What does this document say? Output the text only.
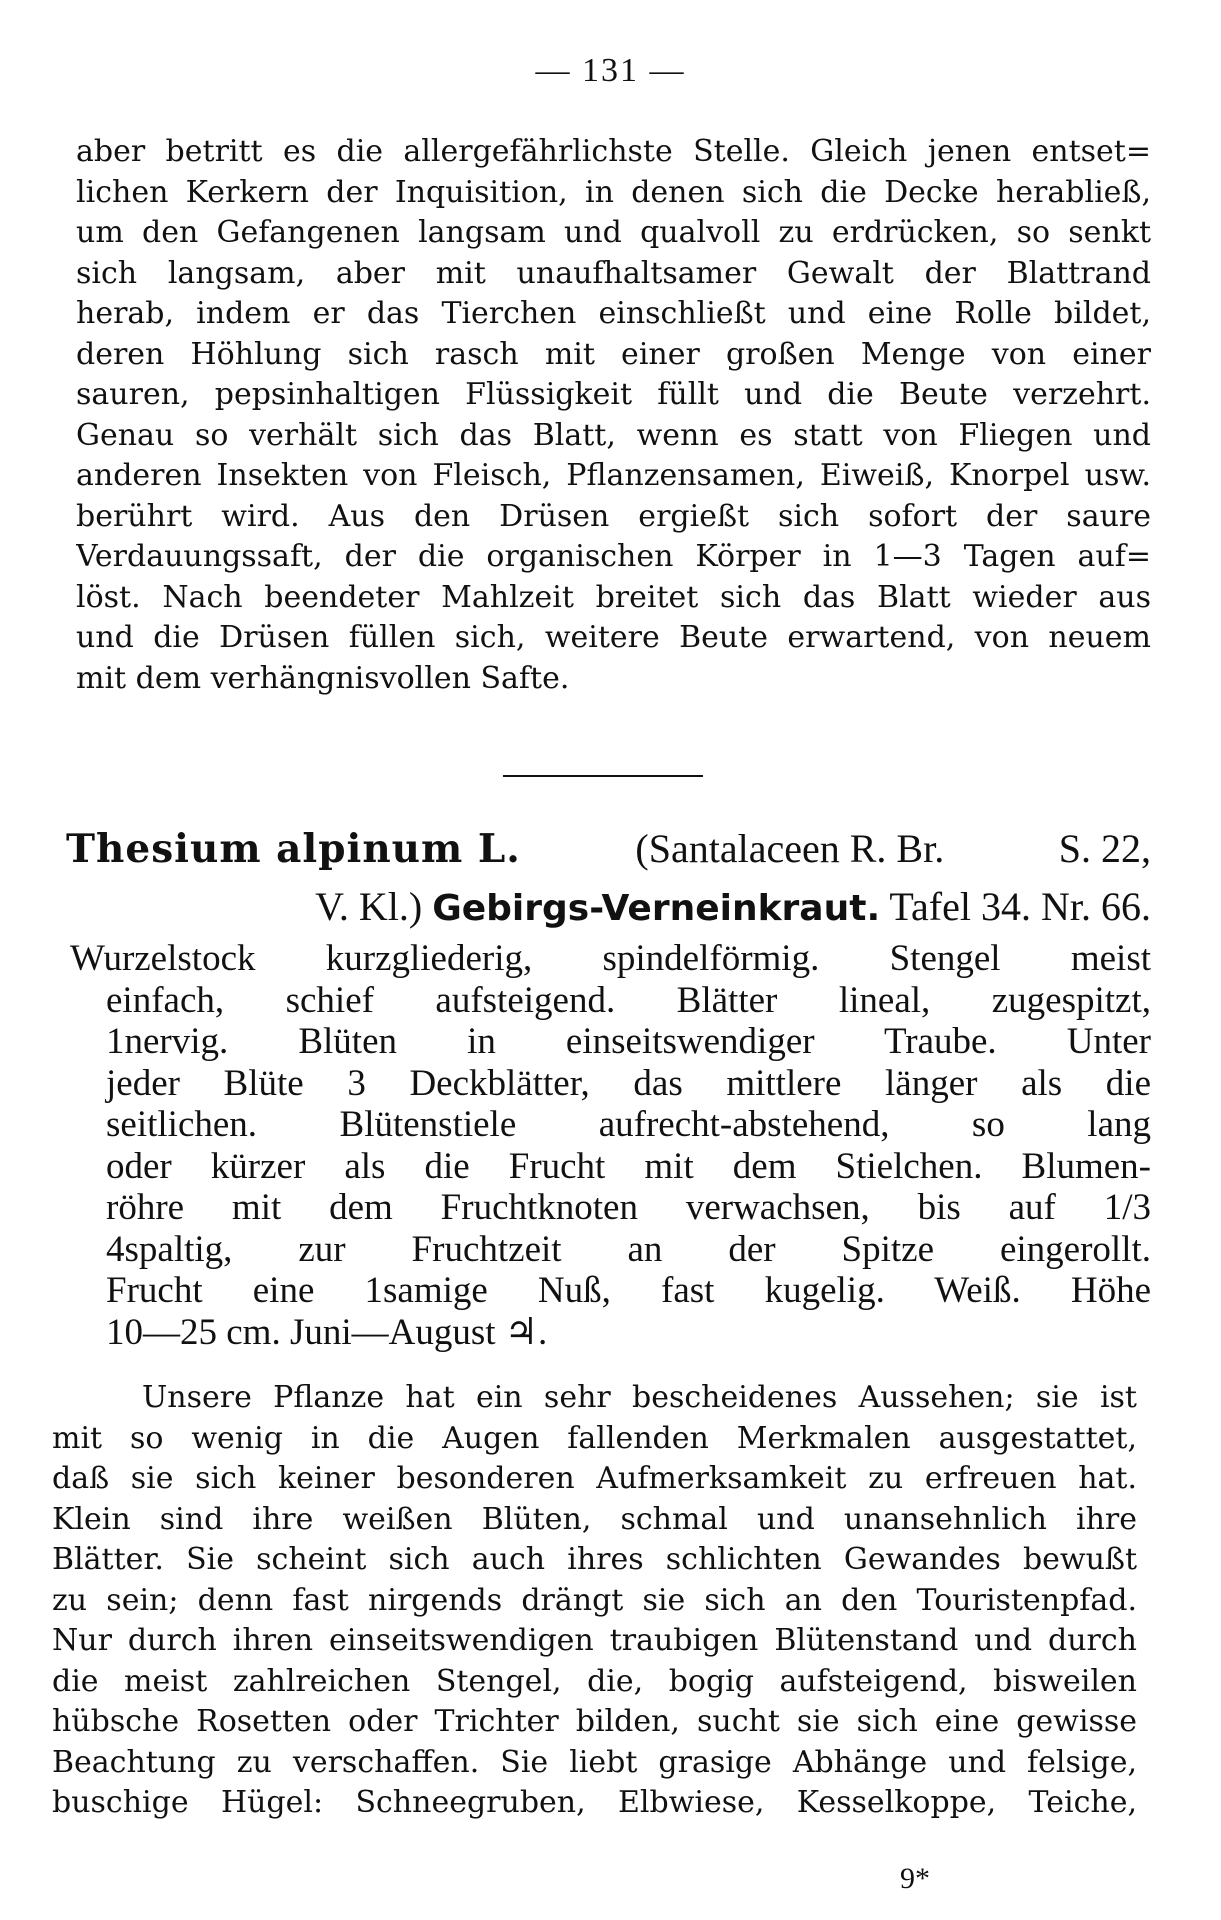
— 131 —
aber betritt es die allergefährlichste Stelle. Gleich jenen entset=
lichen Kerkern der Inquisition, in denen sich die Decke herabließ,
um den Gefangenen langsam und qualvoll zu erdrücken, so senkt
sich langsam, aber mit unaufhaltsamer Gewalt der Blattrand
herab, indem er das Tierchen einschließt und eine Rolle bildet,
deren Höhlung sich rasch mit einer großen Menge von einer
sauren, pepsinhaltigen Flüssigkeit füllt und die Beute verzehrt.
Genau so verhält sich das Blatt, wenn es statt von Fliegen und
anderen Insekten von Fleisch, Pflanzensamen, Eiweiß, Knorpel usw.
berührt wird. Aus den Drüsen ergießt sich sofort der saure
Verdauungssaft, der die organischen Körper in 1—3 Tagen auf=
löst. Nach beendeter Mahlzeit breitet sich das Blatt wieder aus
und die Drüsen füllen sich, weitere Beute erwartend, von neuem
mit dem verhängnisvollen Safte.
Thesium alpinum L.	(Santalaceen R. Br.	S. 22,
V. Kl.) Gebirgs-Verneinkraut. Tafel 34. Nr. 66.
Wurzelstock kurzgliederig, spindelförmig. Stengel meist
einfach, schief aufsteigend. Blätter lineal, zugespitzt,
1nervig. Blüten in einseitswendiger Traube. Unter
jeder Blüte 3 Deckblätter, das mittlere länger als die
seitlichen. Blütenstiele aufrecht-abstehend, so lang
oder kürzer als die Frucht mit dem Stielchen. Blumen-
röhre mit dem Fruchtknoten verwachsen, bis auf 1/3
4spaltig, zur Fruchtzeit an der Spitze eingerollt.
Frucht eine 1samige Nuß, fast kugelig. Weiß. Höhe
10—25 cm. Juni—August ♃.
Unsere Pflanze hat ein sehr bescheidenes Aussehen; sie ist
mit so wenig in die Augen fallenden Merkmalen ausgestattet,
daß sie sich keiner besonderen Aufmerksamkeit zu erfreuen hat.
Klein sind ihre weißen Blüten, schmal und unansehnlich ihre
Blätter. Sie scheint sich auch ihres schlichten Gewandes bewußt
zu sein; denn fast nirgends drängt sie sich an den Touristenpfad.
Nur durch ihren einseitswendigen traubigen Blütenstand und durch
die meist zahlreichen Stengel, die, bogig aufsteigend, bisweilen
hübsche Rosetten oder Trichter bilden, sucht sie sich eine gewisse
Beachtung zu verschaffen. Sie liebt grasige Abhänge und felsige,
buschige Hügel: Schneegruben, Elbwiese, Kesselkoppe, Teiche,
9*
